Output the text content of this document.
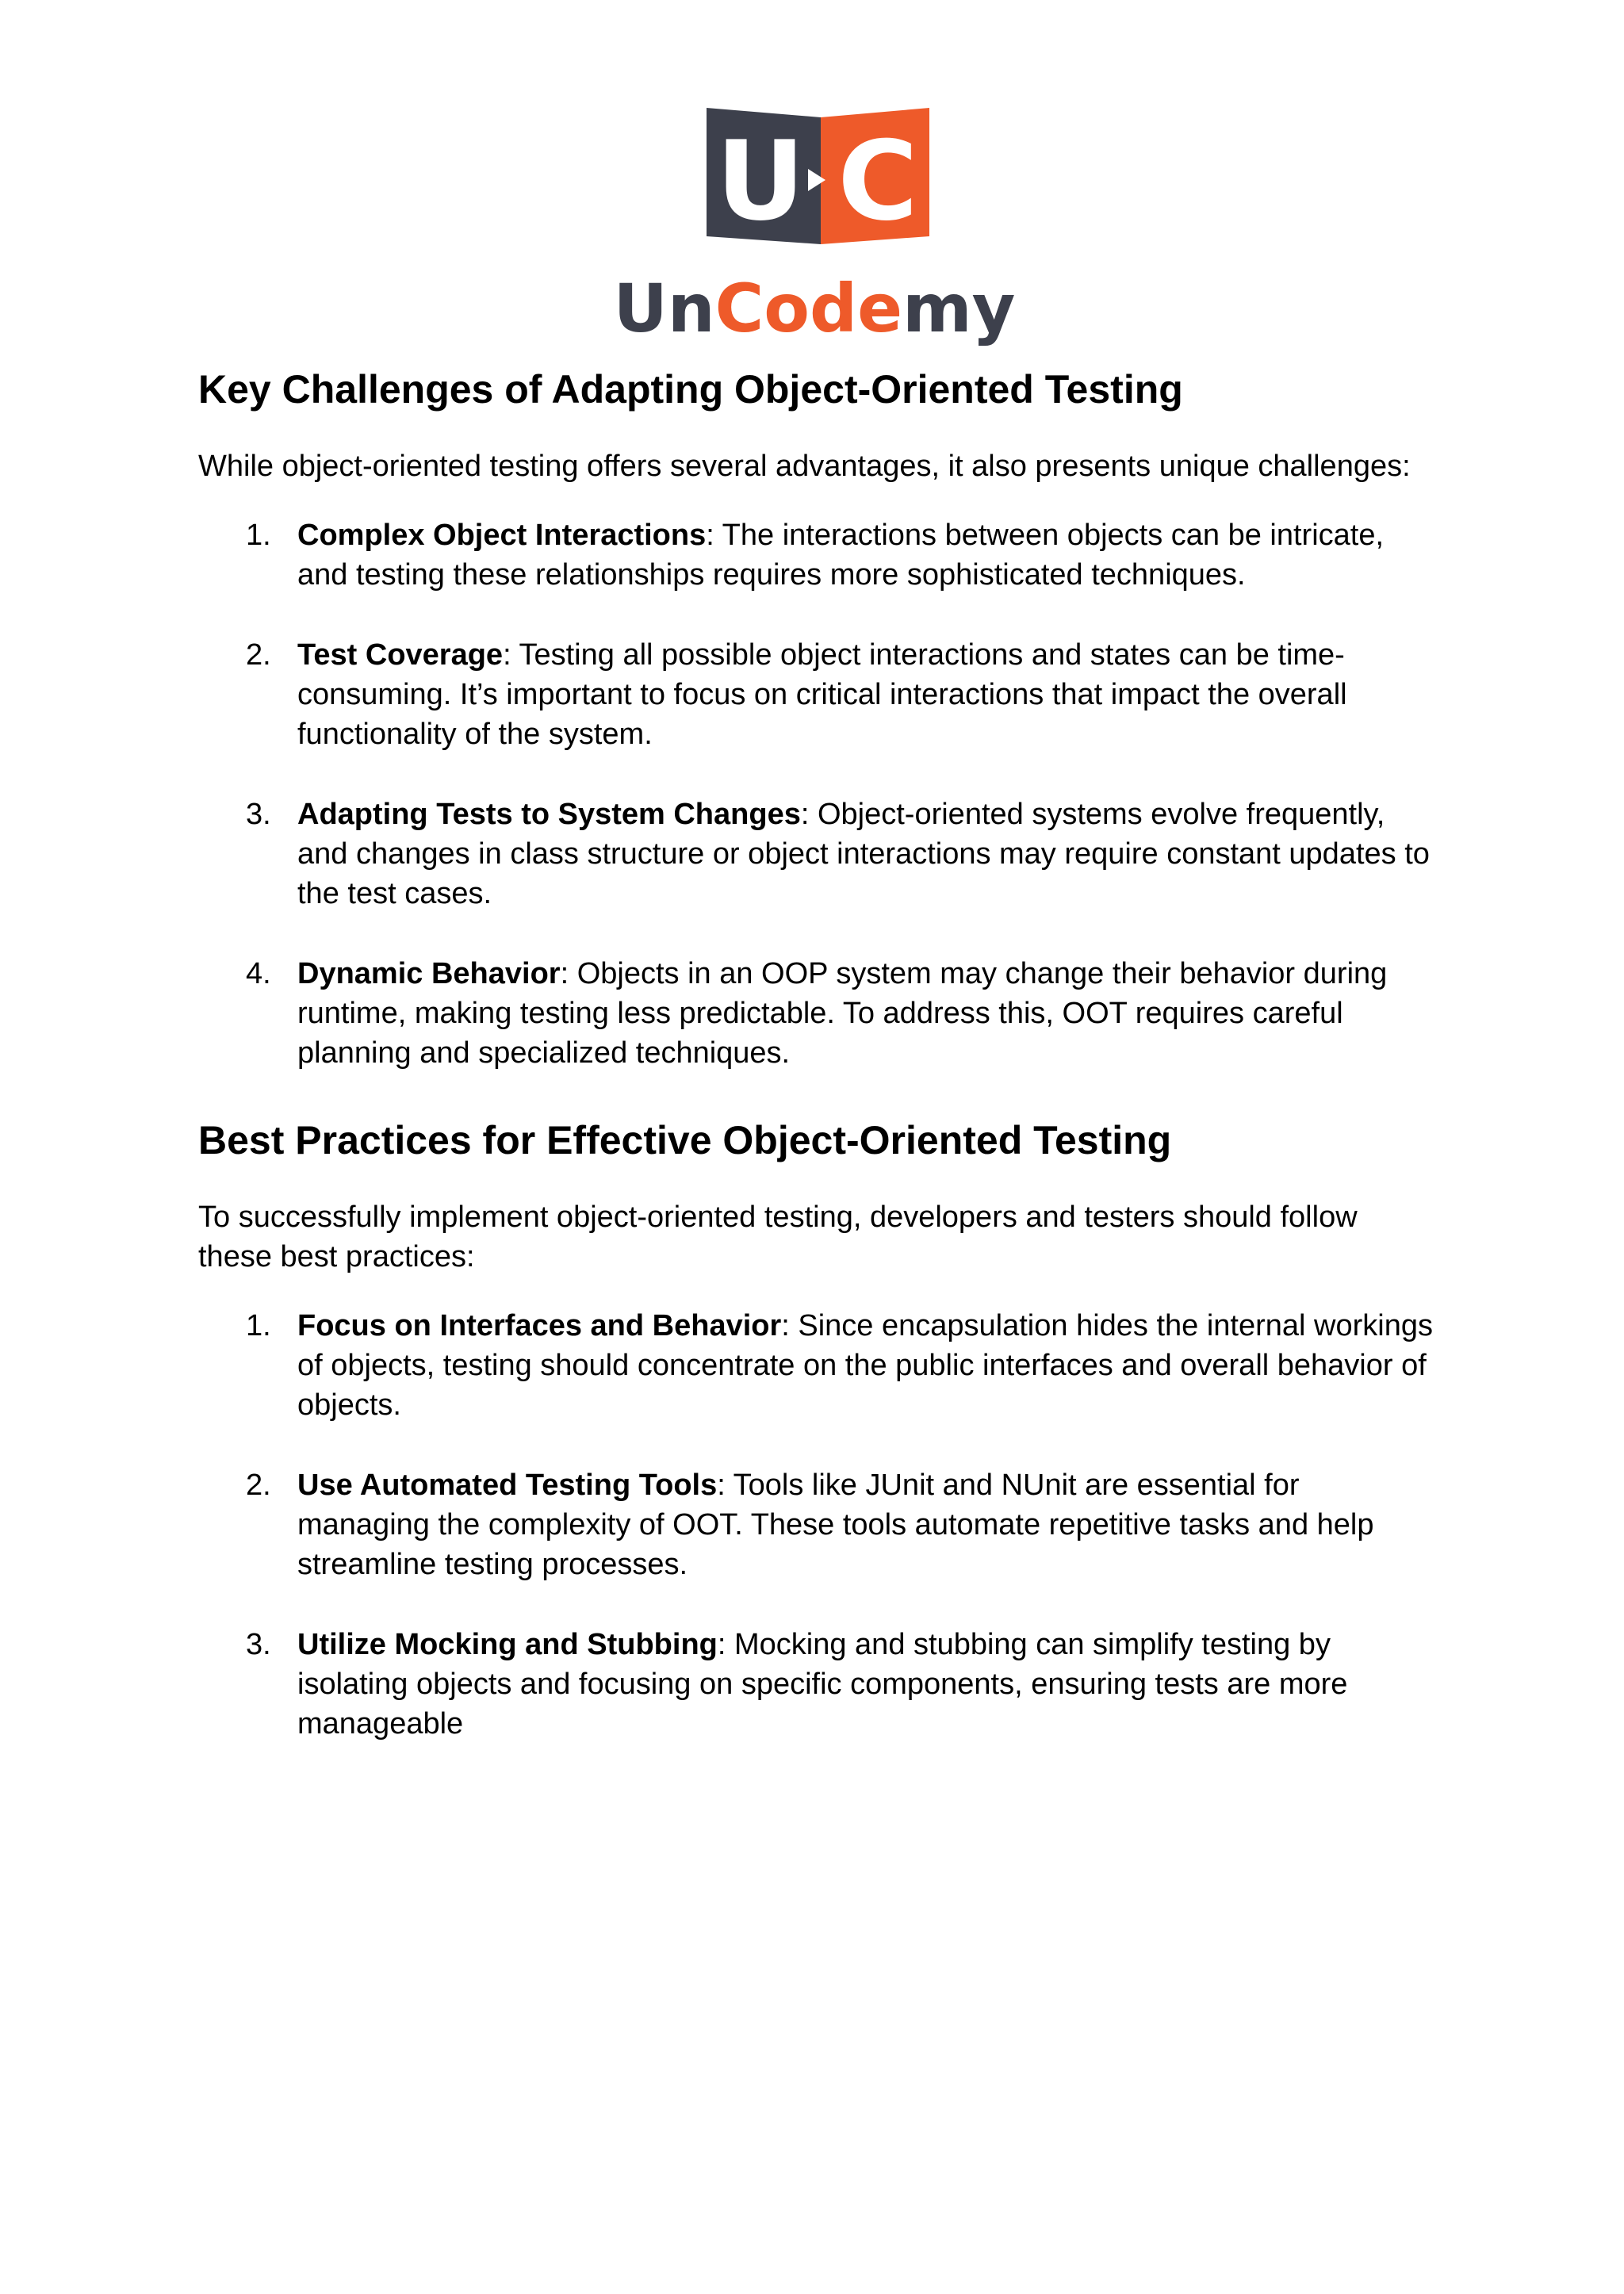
U C
UnCodemy
Key Challenges of Adapting Object-Oriented Testing

While object-oriented testing offers several advantages, it also presents unique challenges:

1. Complex Object Interactions: The interactions between objects can be intricate, and testing these relationships requires more sophisticated techniques.
2. Test Coverage: Testing all possible object interactions and states can be time-consuming. It’s important to focus on critical interactions that impact the overall functionality of the system.
3. Adapting Tests to System Changes: Object-oriented systems evolve frequently, and changes in class structure or object interactions may require constant updates to the test cases.
4. Dynamic Behavior: Objects in an OOP system may change their behavior during runtime, making testing less predictable. To address this, OOT requires careful planning and specialized techniques.
Best Practices for Effective Object-Oriented Testing

To successfully implement object-oriented testing, developers and testers should follow these best practices:

1. Focus on Interfaces and Behavior: Since encapsulation hides the internal workings of objects, testing should concentrate on the public interfaces and overall behavior of objects.
2. Use Automated Testing Tools: Tools like JUnit and NUnit are essential for managing the complexity of OOT. These tools automate repetitive tasks and help streamline testing processes.
3. Utilize Mocking and Stubbing: Mocking and stubbing can simplify testing by isolating objects and focusing on specific components, ensuring tests are more manageable
